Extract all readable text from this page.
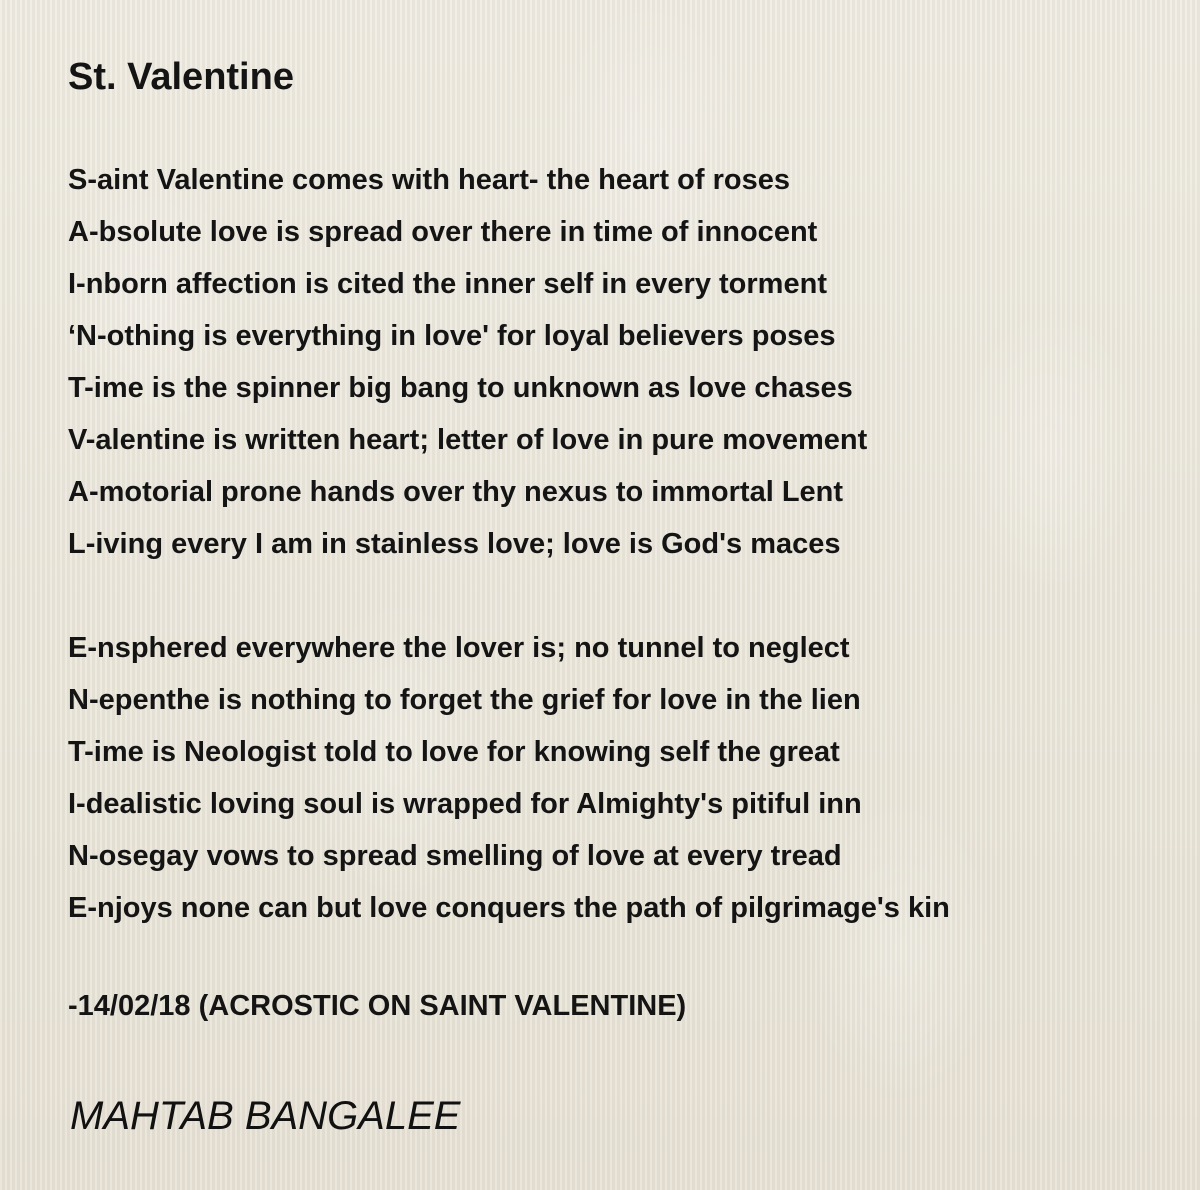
St. Valentine
S-aint Valentine comes with heart- the heart of roses
A-bsolute love is spread over there in time of innocent
I-nborn affection is cited the inner self in every torment
‘N-othing is everything in love' for loyal believers poses
T-ime is the spinner big bang to unknown as love chases
V-alentine is written heart; letter of love in pure movement
A-motorial prone hands over thy nexus to immortal Lent
L-iving every I am in stainless love; love is God's maces
E-nsphered everywhere the lover is; no tunnel to neglect
N-epenthe is nothing to forget the grief for love in the lien
T-ime is Neologist told to love for knowing self the great
I-dealistic loving soul is wrapped for Almighty's pitiful inn
N-osegay vows to spread smelling of love at every tread
E-njoys none can but love conquers the path of pilgrimage's kin

-14/02/18 (ACROSTIC ON SAINT VALENTINE)

MAHTAB BANGALEE
